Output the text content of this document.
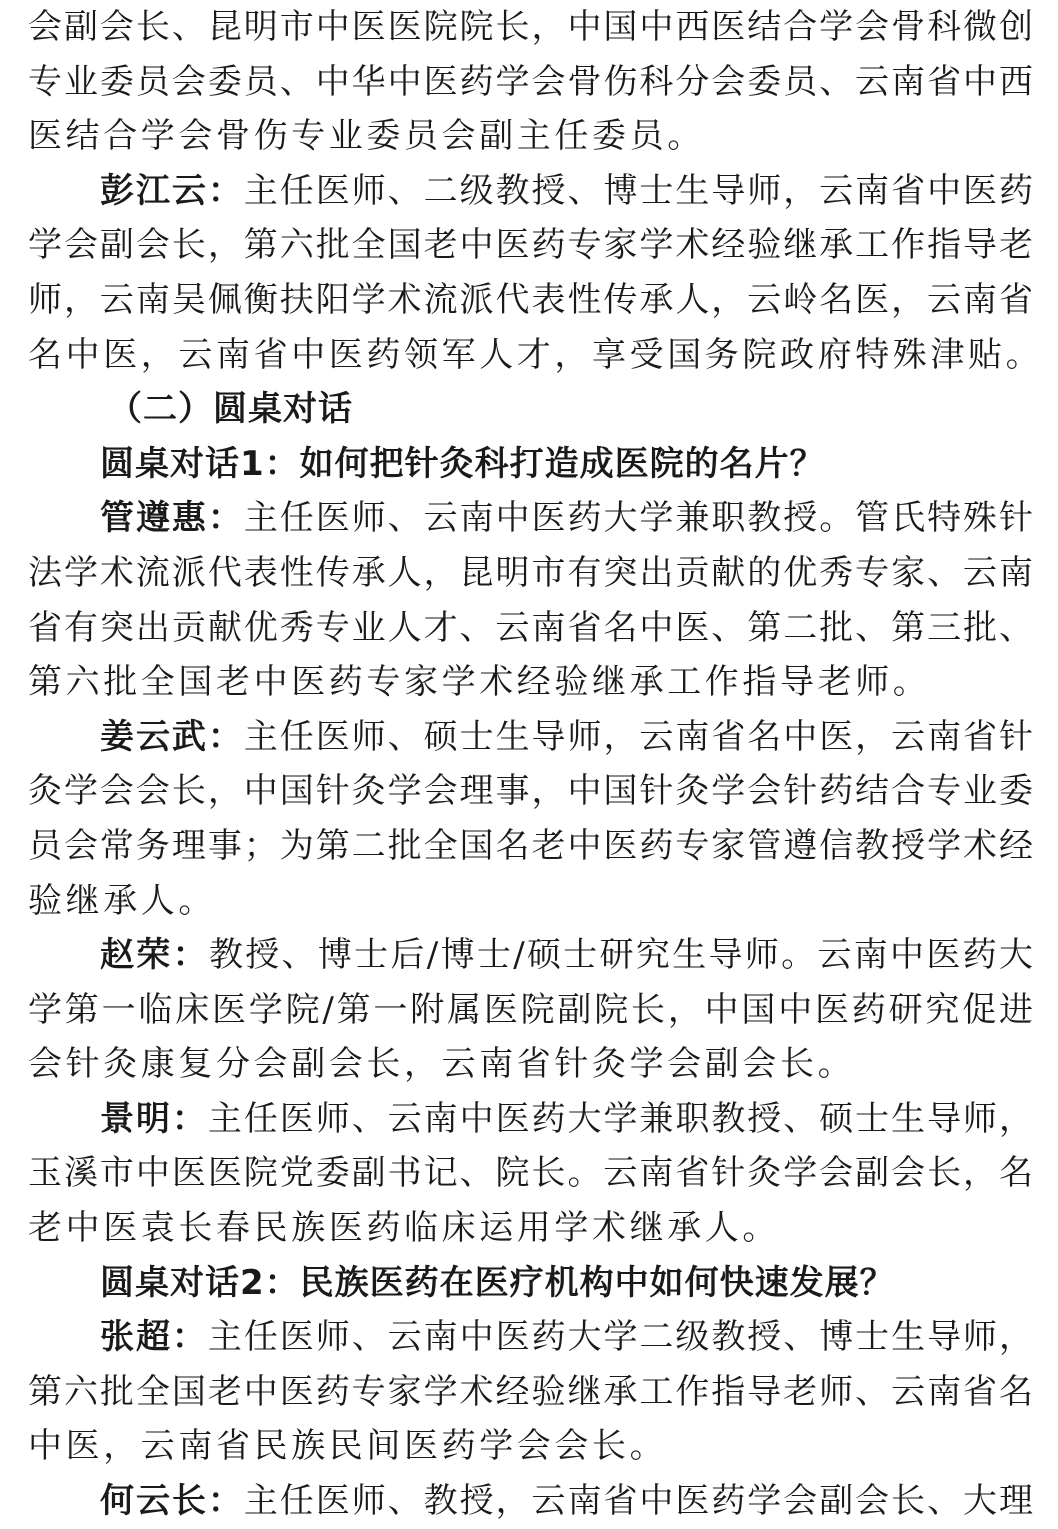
会副会长、昆明市中医医院院长，中国中西医结合学会骨科微创
专业委员会委员、中华中医药学会骨伤科分会委员、云南省中西
医结合学会骨伤专业委员会副主任委员。
彭江云：主任医师、二级教授、博士生导师，云南省中医药
学会副会长，第六批全国老中医药专家学术经验继承工作指导老
师，云南吴佩衡扶阳学术流派代表性传承人，云岭名医，云南省
名中医，云南省中医药领军人才，享受国务院政府特殊津贴。
（二）圆桌对话
圆桌对话1：如何把针灸科打造成医院的名片？
管遵惠：主任医师、云南中医药大学兼职教授。管氏特殊针
法学术流派代表性传承人，昆明市有突出贡献的优秀专家、云南
省有突出贡献优秀专业人才、云南省名中医、第二批、第三批、
第六批全国老中医药专家学术经验继承工作指导老师。
姜云武：主任医师、硕士生导师，云南省名中医，云南省针
灸学会会长，中国针灸学会理事，中国针灸学会针药结合专业委
员会常务理事；为第二批全国名老中医药专家管遵信教授学术经
验继承人。
赵荣：教授、博士后/博士/硕士研究生导师。云南中医药大
学第一临床医学院/第一附属医院副院长，中国中医药研究促进
会针灸康复分会副会长，云南省针灸学会副会长。
景明：主任医师、云南中医药大学兼职教授、硕士生导师，
玉溪市中医医院党委副书记、院长。云南省针灸学会副会长，名
老中医袁长春民族医药临床运用学术继承人。
圆桌对话2：民族医药在医疗机构中如何快速发展？
张超：主任医师、云南中医药大学二级教授、博士生导师，
第六批全国老中医药专家学术经验继承工作指导老师、云南省名
中医，云南省民族民间医药学会会长。
何云长：主任医师、教授，云南省中医药学会副会长、大理
